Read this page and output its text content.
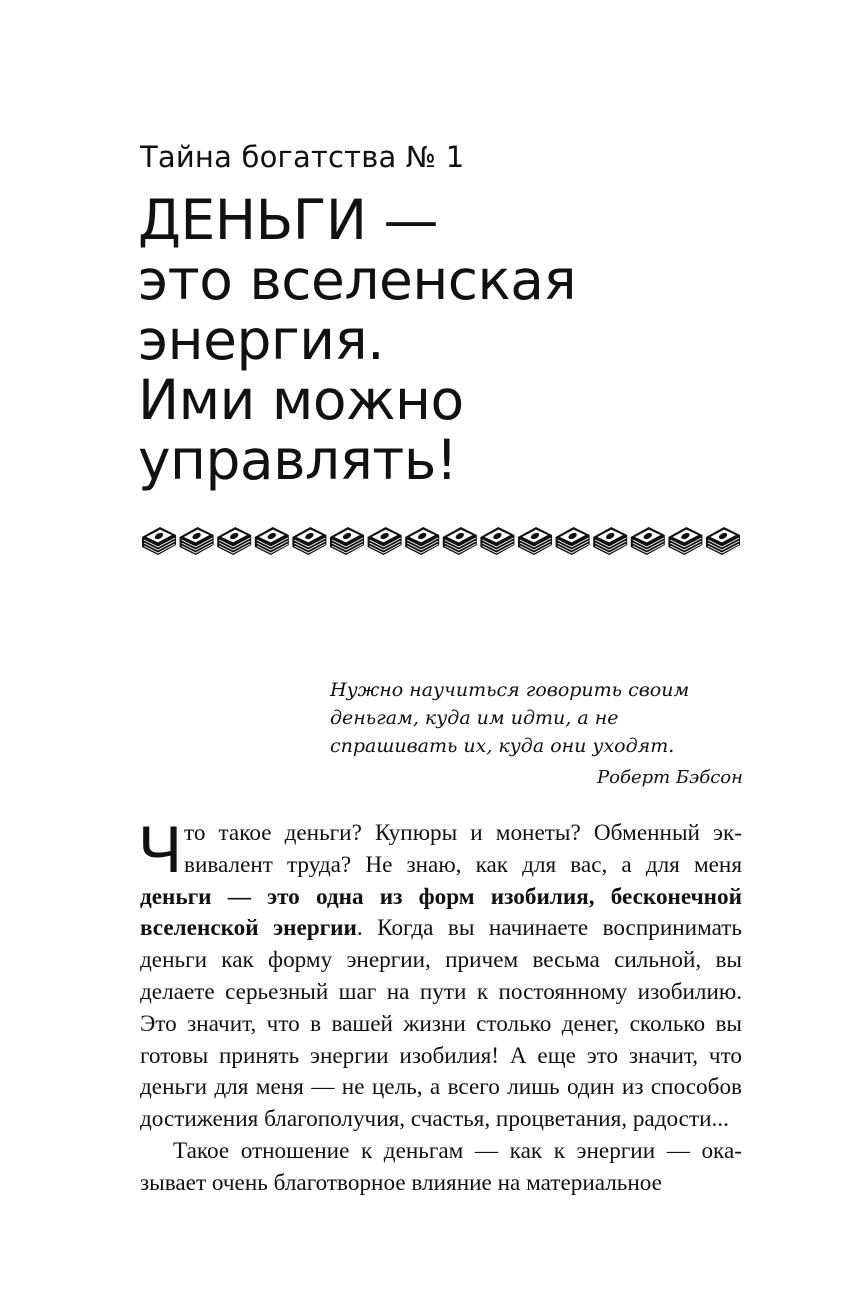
Тайна богатства № 1
ДЕНЬГИ —
это вселенская
энергия.
Ими можно
управлять!

Нужно научиться говорить своим деньгам, куда им идти, а не спрашивать их, куда они уходят.

Роберт Бэбсон

Что такое деньги? Купюры и монеты? Обменный эквивалент труда? Не знаю, как для вас, а для меня деньги — это одна из форм изобилия, бесконечной вселенской энергии. Когда вы начинаете воспринимать деньги как форму энергии, причем весьма сильной, вы делаете серьезный шаг на пути к постоянному изобилию. Это значит, что в вашей жизни столько денег, сколько вы готовы принять энергии изобилия! А еще это значит, что деньги для меня — не цель, а всего лишь один из способов достижения благополучия, счастья, процветания, радости...

Такое отношение к деньгам — как к энергии — оказывает очень благотворное влияние на материальное
